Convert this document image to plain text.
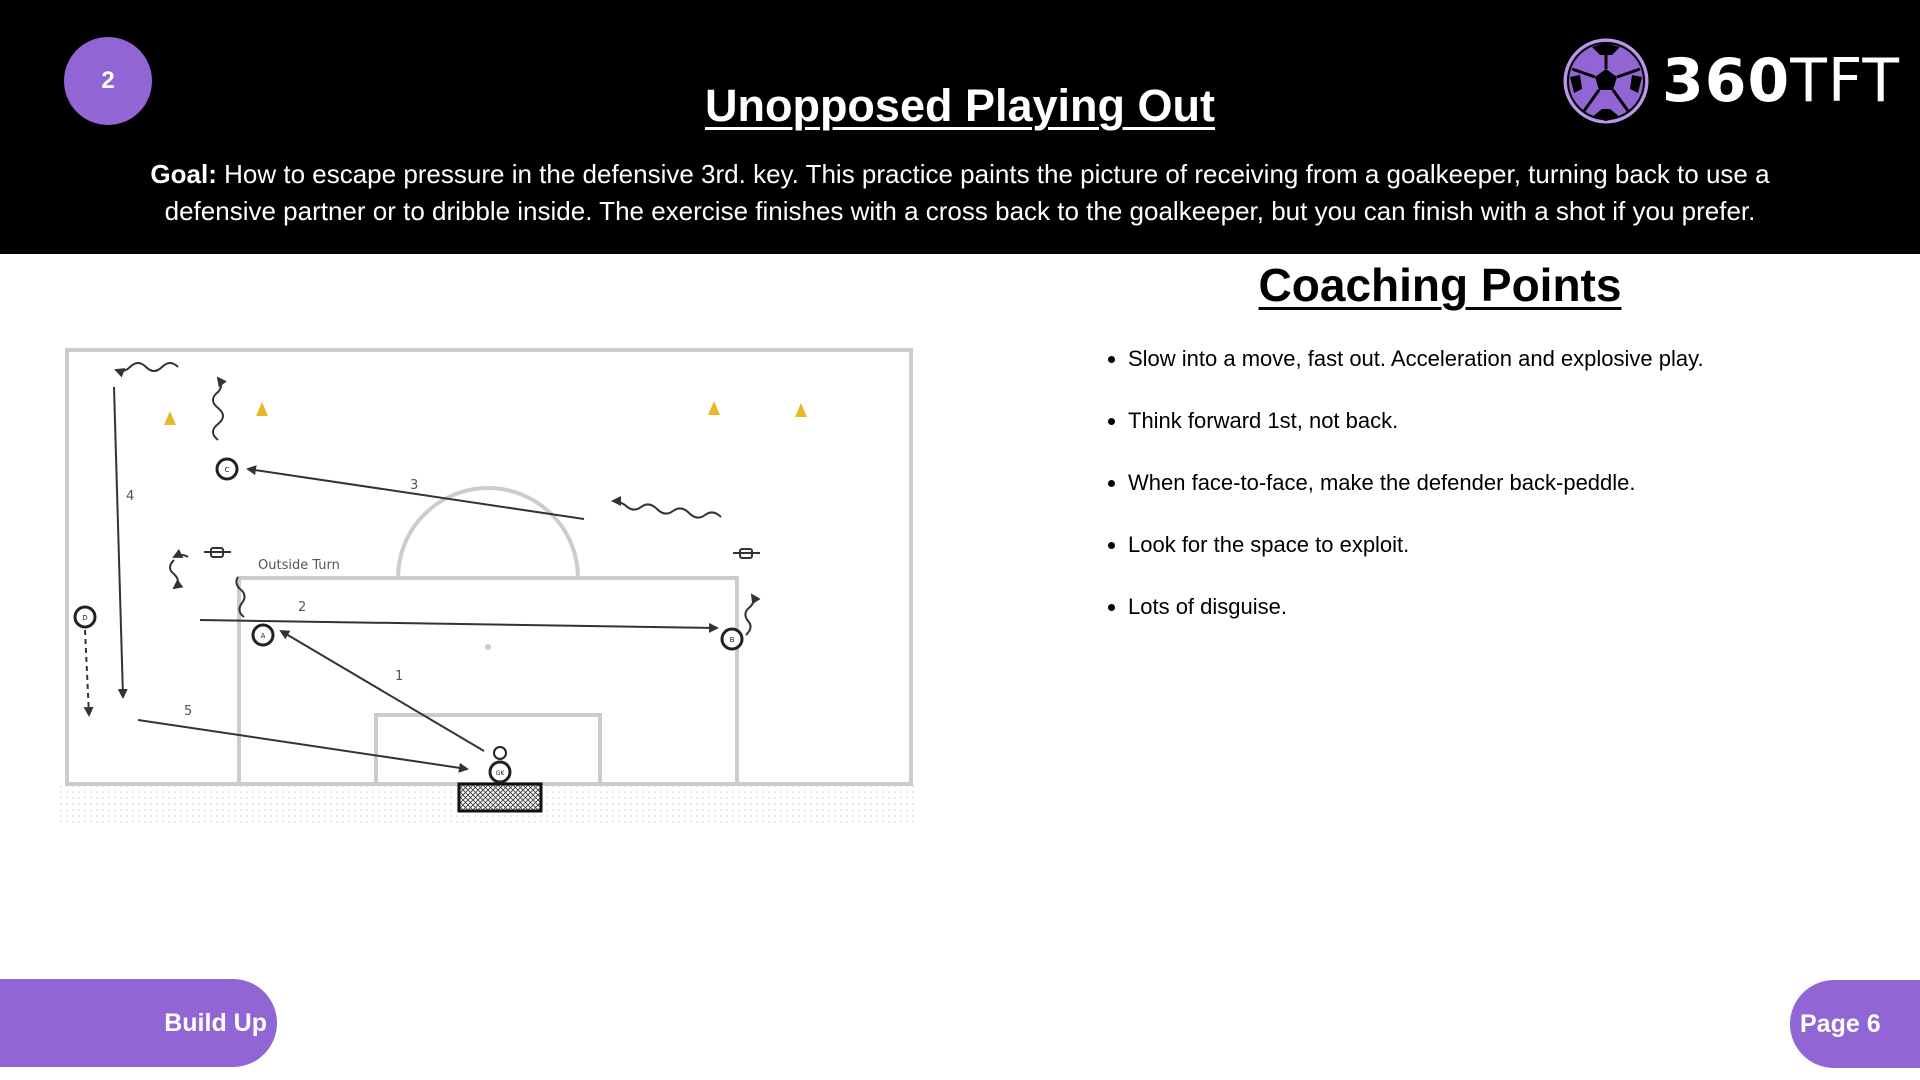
2	Unopposed Playing Out	360TFT

Goal: How to escape pressure in the defensive 3rd. key. This practice paints the picture of receiving from a goalkeeper, turning back to use a defensive partner or to dribble inside. The exercise finishes with a cross back to the goalkeeper, but you can finish with a shot if you prefer.

A	B
C
D
GK
Outside Turn
1
2
3
4
5
Coaching Points
Slow into a move, fast out. Acceleration and explosive play.
Think forward 1st, not back.
When face-to-face, make the defender back-peddle.
Look for the space to exploit.
Lots of disguise.
Build Up	Page 6
